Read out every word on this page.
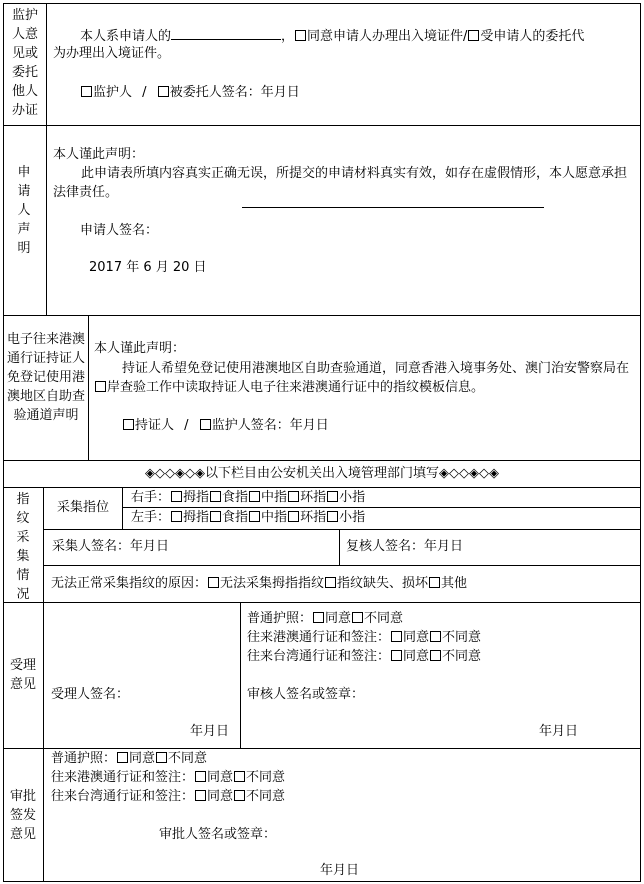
监护人意见或委托他人办证
本人系申请人的	， 同意申请人办理出入境证件/ 受申请人的委托代
为办理出入境证件。
监护人 / 被委托人签名：年月日
申请人声明
本人谨此声明：
此申请表所填内容真实正确无误，所提交的申请材料真实有效，如存在虚假情形，本人愿意承担法律责任。
申请人签名：
2017 年 6 月 20 日
电子往来港澳通行证持证人免登记使用港澳地区自助查验通道声明
本人谨此声明：
持证人希望免登记使用港澳地区自助查验通道，同意香港入境事务处、澳门治安警察局在岸查验工作中读取持证人电子往来港澳通行证中的指纹模板信息。
持证人 / 监护人签名：年月日
◈◇◇◈◇◈以下栏目由公安机关出入境管理部门填写◈◇◇◈◇◈
指纹采集情况
采集指位
右手： 拇指 食指 中指 环指 小指
左手： 拇指 食指 中指 环指 小指
采集人签名：年月日	复核人签名：年月日
无法正常采集指纹的原因： 无法采集拇指指纹 指纹缺失、损坏 其他
受理意见
受理人签名：
年月日
普通护照： 同意 不同意
往来港澳通行证和签注： 同意 不同意
往来台湾通行证和签注： 同意 不同意
审核人签名或签章：
年月日
审批签发意见
普通护照： 同意 不同意
往来港澳通行证和签注： 同意 不同意
往来台湾通行证和签注： 同意 不同意
审批人签名或签章：
年月日
